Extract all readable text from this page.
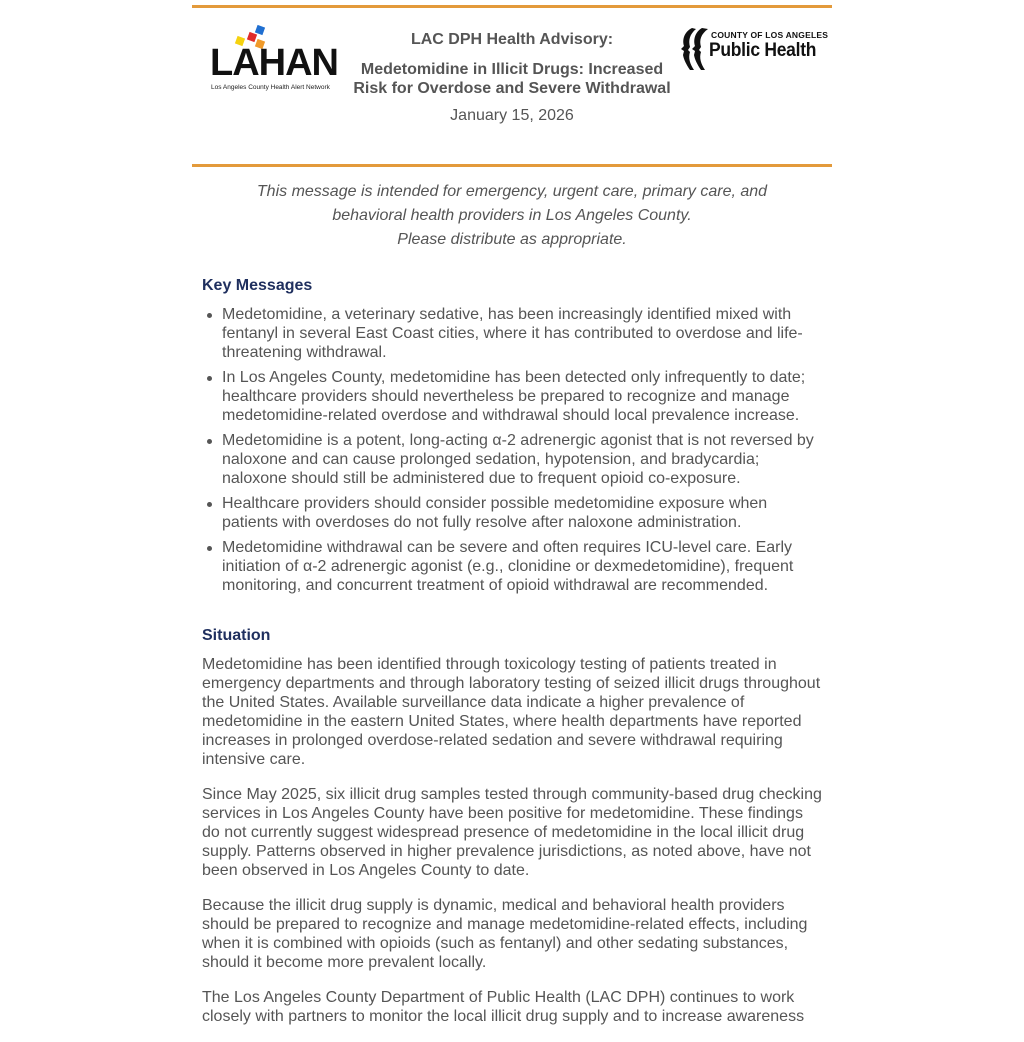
LAHAN
Los Angeles County Health Alert Network
LAC DPH Health Advisory:
Medetomidine in Illicit Drugs: Increased Risk for Overdose and Severe Withdrawal
January 15, 2026
COUNTY OF LOS ANGELES
Public Health
This message is intended for emergency, urgent care, primary care, and behavioral health providers in Los Angeles County.
Please distribute as appropriate.
Key Messages
Medetomidine, a veterinary sedative, has been increasingly identified mixed with fentanyl in several East Coast cities, where it has contributed to overdose and life-threatening withdrawal.
In Los Angeles County, medetomidine has been detected only infrequently to date; healthcare providers should nevertheless be prepared to recognize and manage medetomidine-related overdose and withdrawal should local prevalence increase.
Medetomidine is a potent, long-acting α-2 adrenergic agonist that is not reversed by naloxone and can cause prolonged sedation, hypotension, and bradycardia; naloxone should still be administered due to frequent opioid co-exposure.
Healthcare providers should consider possible medetomidine exposure when patients with overdoses do not fully resolve after naloxone administration.
Medetomidine withdrawal can be severe and often requires ICU-level care. Early initiation of α-2 adrenergic agonist (e.g., clonidine or dexmedetomidine), frequent monitoring, and concurrent treatment of opioid withdrawal are recommended.
Situation

Medetomidine has been identified through toxicology testing of patients treated in emergency departments and through laboratory testing of seized illicit drugs throughout the United States. Available surveillance data indicate a higher prevalence of medetomidine in the eastern United States, where health departments have reported increases in prolonged overdose-related sedation and severe withdrawal requiring intensive care.

Since May 2025, six illicit drug samples tested through community-based drug checking services in Los Angeles County have been positive for medetomidine. These findings do not currently suggest widespread presence of medetomidine in the local illicit drug supply. Patterns observed in higher prevalence jurisdictions, as noted above, have not been observed in Los Angeles County to date.

Because the illicit drug supply is dynamic, medical and behavioral health providers should be prepared to recognize and manage medetomidine-related effects, including when it is combined with opioids (such as fentanyl) and other sedating substances, should it become more prevalent locally.

The Los Angeles County Department of Public Health (LAC DPH) continues to work closely with partners to monitor the local illicit drug supply and to increase awareness
